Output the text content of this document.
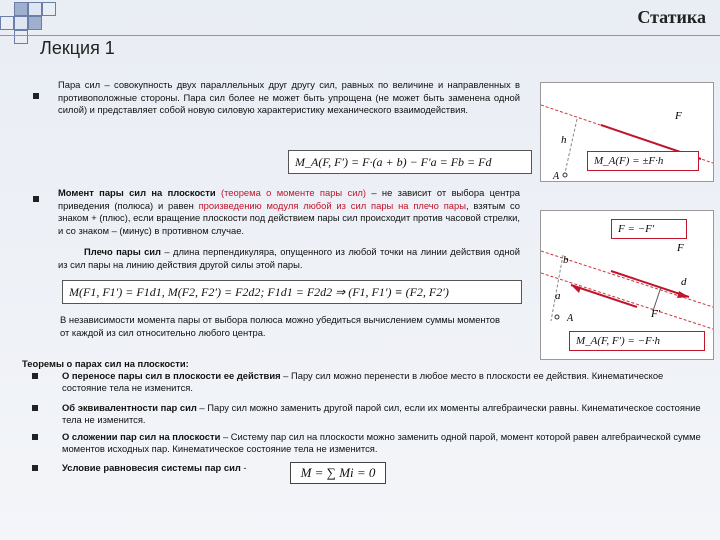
Статика
Лекция 1
Пара сил – совокупность двух параллельных друг другу сил, равных по величине и направленных в противоположные стороны. Пара сил более не может быть упрощена (не может быть заменена одной силой) и представляет собой новую силовую характеристику механического взаимодействия.
M_A(F, F′) = F·(a + b) − F′a = Fb = Fd
F
h
A
M_A(F) = ±F·h
Момент пары сил на плоскости (теорема о моменте пары сил) – не зависит от выбора центра приведения (полюса) и равен произведению модуля любой из сил пары на плечо пары, взятым со знаком + (плюс), если вращение плоскости под действием пары сил происходит против часовой стрелки, и со знаком – (минус) в противном случае.
Плечо пары сил – длина перпендикуляра, опущенного из любой точки на линии действия одной из сил пары на линию действия другой силы этой пары.
M(F1, F1′) = F1d1, M(F2, F2′) = F2d2; F1d1 = F2d2 ⇒ (F1, F1′) ≡ (F2, F2′)
В независимости момента пары от выбора полюса можно убедиться вычислением суммы моментов от каждой из сил относительно любого центра.
F = −F′
F
b
d
a
A	F′
M_A(F, F′) = −F·h
Теоремы о парах сил на плоскости:
О переносе пары сил в плоскости ее действия – Пару сил можно перенести в любое место в плоскости ее действия. Кинематическое состояние тела не изменится.
Об эквивалентности пар сил – Пару сил можно заменить другой парой сил, если их моменты алгебраически равны. Кинематическое состояние тела не изменится.
О сложении пар сил на плоскости – Систему пар сил на плоскости можно заменить одной парой, момент которой равен алгебраической сумме моментов исходных пар. Кинематическое состояние тела не изменится.
Условие равновесия системы пар сил -	M = ∑ Mi = 0
